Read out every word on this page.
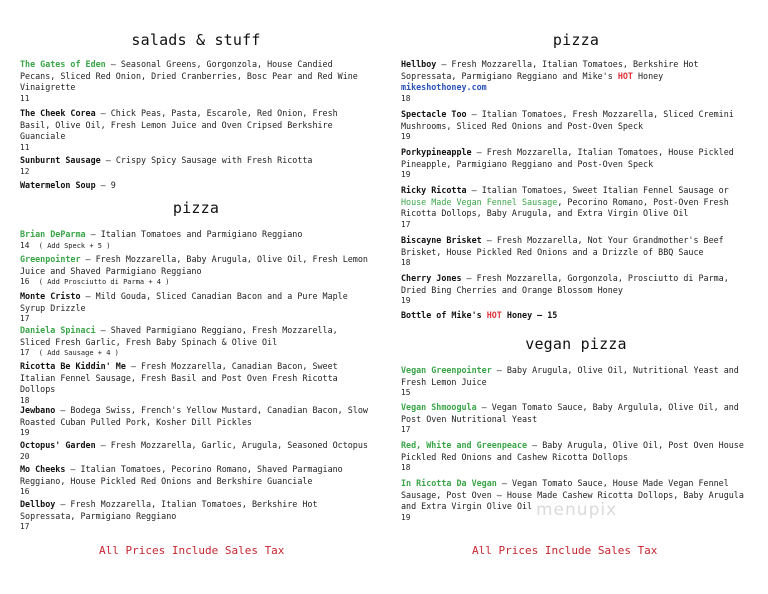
salads & stuff
The Gates of Eden — Seasonal Greens, Gorgonzola, House Candied Pecans, Sliced Red Onion, Dried Cranberries, Bosc Pear and Red Wine Vinaigrette
11
The Cheek Corea — Chick Peas, Pasta, Escarole, Red Onion, Fresh Basil, Olive Oil, Fresh Lemon Juice and Oven Cripsed Berkshire Guanciale
11
Sunburnt Sausage — Crispy Spicy Sausage with Fresh Ricotta
12
Watermelon Soup — 9
pizza
Brian DeParma — Italian Tomatoes and Parmigiano Reggiano
14 ( Add Speck + 5 )
Greenpointer — Fresh Mozzarella, Baby Arugula, Olive Oil, Fresh Lemon Juice and Shaved Parmigiano Reggiano
16 ( Add Prosciutto di Parma + 4 )
Monte Cristo — Mild Gouda, Sliced Canadian Bacon and a Pure Maple Syrup Drizzle
17
Daniela Spinaci — Shaved Parmigiano Reggiano, Fresh Mozzarella, Sliced Fresh Garlic, Fresh Baby Spinach & Olive Oil
17 ( Add Sausage + 4 )
Ricotta Be Kiddin' Me — Fresh Mozzarella, Canadian Bacon, Sweet Italian Fennel Sausage, Fresh Basil and Post Oven Fresh Ricotta Dollops
18
Jewbano — Bodega Swiss, French's Yellow Mustard, Canadian Bacon, Slow Roasted Cuban Pulled Pork, Kosher Dill Pickles
19
Octopus' Garden — Fresh Mozzarella, Garlic, Arugula, Seasoned Octopus
20
Mo Cheeks — Italian Tomatoes, Pecorino Romano, Shaved Parmagiano Reggiano, House Pickled Red Onions and Berkshire Guanciale
16
Dellboy — Fresh Mozzarella, Italian Tomatoes, Berkshire Hot Sopressata, Parmigiano Reggiano
17
pizza
Hellboy — Fresh Mozzarella, Italian Tomatoes, Berkshire Hot Sopressata, Parmigiano Reggiano and Mike's HOT Honey
mikeshothoney.com
18
Spectacle Too — Italian Tomatoes, Fresh Mozzarella, Sliced Cremini Mushrooms, Sliced Red Onions and Post-Oven Speck
19
Porkypineapple — Fresh Mozzarella, Italian Tomatoes, House Pickled Pineapple, Parmigiano Reggiano and Post-Oven Speck
19
Ricky Ricotta — Italian Tomatoes, Sweet Italian Fennel Sausage or House Made Vegan Fennel Sausage, Pecorino Romano, Post-Oven Fresh Ricotta Dollops, Baby Arugula, and Extra Virgin Olive Oil
17
Biscayne Brisket — Fresh Mozzarella, Not Your Grandmother's Beef Brisket, House Pickled Red Onions and a Drizzle of BBQ Sauce
18
Cherry Jones — Fresh Mozzarella, Gorgonzola, Prosciutto di Parma, Dried Bing Cherries and Orange Blossom Honey
19
Bottle of Mike's HOT Honey — 15
vegan pizza
Vegan Greenpointer — Baby Arugula, Olive Oil, Nutritional Yeast and Fresh Lemon Juice
15
Vegan Shmoogula — Vegan Tomato Sauce, Baby Argulula, Olive Oil, and Post Oven Nutritional Yeast
17
Red, White and Greenpeace — Baby Arugula, Olive Oil, Post Oven House Pickled Red Onions and Cashew Ricotta Dollops
18
In Ricotta Da Vegan — Vegan Tomato Sauce, House Made Vegan Fennel Sausage, Post Oven — House Made Cashew Ricotta Dollops, Baby Arugula and Extra Virgin Olive Oil
19	menupix
All Prices Include Sales Tax	All Prices Include Sales Tax
